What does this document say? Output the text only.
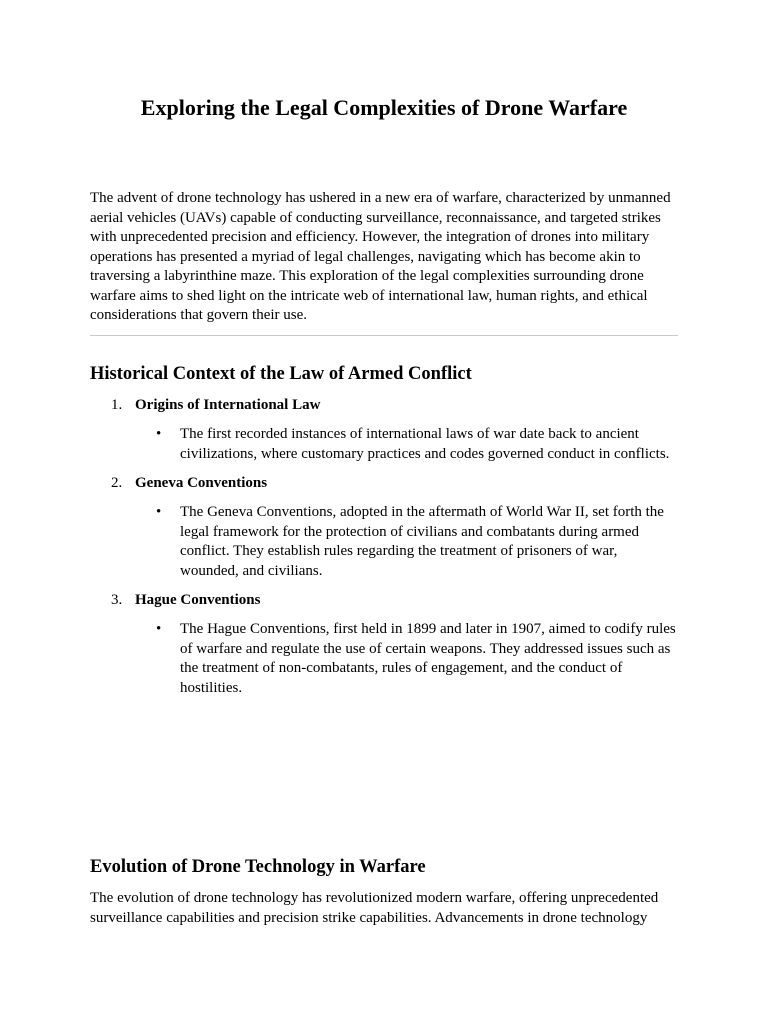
Exploring the Legal Complexities of Drone Warfare

The advent of drone technology has ushered in a new era of warfare, characterized by unmanned aerial vehicles (UAVs) capable of conducting surveillance, reconnaissance, and targeted strikes with unprecedented precision and efficiency. However, the integration of drones into military operations has presented a myriad of legal challenges, navigating which has become akin to traversing a labyrinthine maze. This exploration of the legal complexities surrounding drone warfare aims to shed light on the intricate web of international law, human rights, and ethical considerations that govern their use.

Historical Context of the Law of Armed Conflict
1. Origins of International Law
• The first recorded instances of international laws of war date back to ancient civilizations, where customary practices and codes governed conduct in conflicts.
2. Geneva Conventions
• The Geneva Conventions, adopted in the aftermath of World War II, set forth the legal framework for the protection of civilians and combatants during armed conflict. They establish rules regarding the treatment of prisoners of war, wounded, and civilians.
3. Hague Conventions
• The Hague Conventions, first held in 1899 and later in 1907, aimed to codify rules of warfare and regulate the use of certain weapons. They addressed issues such as the treatment of non-combatants, rules of engagement, and the conduct of hostilities.
Evolution of Drone Technology in Warfare

The evolution of drone technology has revolutionized modern warfare, offering unprecedented surveillance capabilities and precision strike capabilities. Advancements in drone technology
